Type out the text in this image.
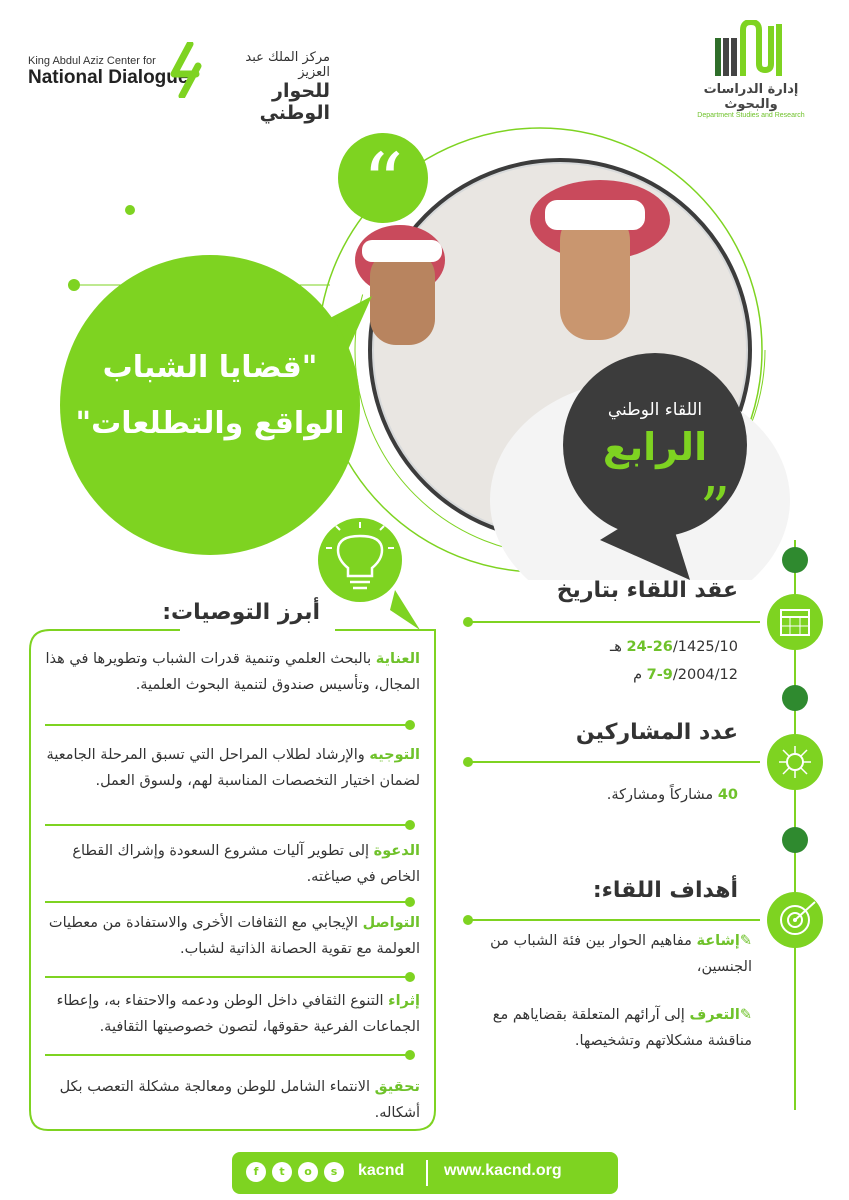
King Abdul Aziz Center for
National Dialogue
مركز الملك عبد العزيز
للحوار الوطني
إدارة الدراسات والبحوث
Department Studies and Research
“
”
"قضايا الشباب
الواقع والتطلعات"	اللقاء الوطني
الرابع
عقد اللقاء بتاريخ
24-26/1425/10 هـ
7-9/2004/12 م
عدد المشاركين
40 مشاركاً ومشاركة.
أهداف اللقاء:
✎إشاعة مفاهيم الحوار بين فئة الشباب من الجنسين،
✎التعرف إلى آرائهم المتعلقة بقضاياهم مع مناقشة مشكلاتهم وتشخيصها.
أبرز التوصيات:
العناية بالبحث العلمي وتنمية قدرات الشباب وتطويرها في هذا المجال، وتأسيس صندوق لتنمية البحوث العلمية.
التوجيه والإرشاد لطلاب المراحل التي تسبق المرحلة الجامعية لضمان اختيار التخصصات المناسبة لهم، ولسوق العمل.
الدعوة إلى تطوير آليات مشروع السعودة وإشراك القطاع الخاص في صياغته.
التواصل الإيجابي مع الثقافات الأخرى والاستفادة من معطيات العولمة مع تقوية الحصانة الذاتية لشباب.
إثراء التنوع الثقافي داخل الوطن ودعمه والاحتفاء به، وإعطاء الجماعات الفرعية حقوقها، لتصون خصوصيتها الثقافية.
تحقيق الانتماء الشامل للوطن ومعالجة مشكلة التعصب بكل أشكاله.
f	t	o	s	kacnd www.kacnd.org
